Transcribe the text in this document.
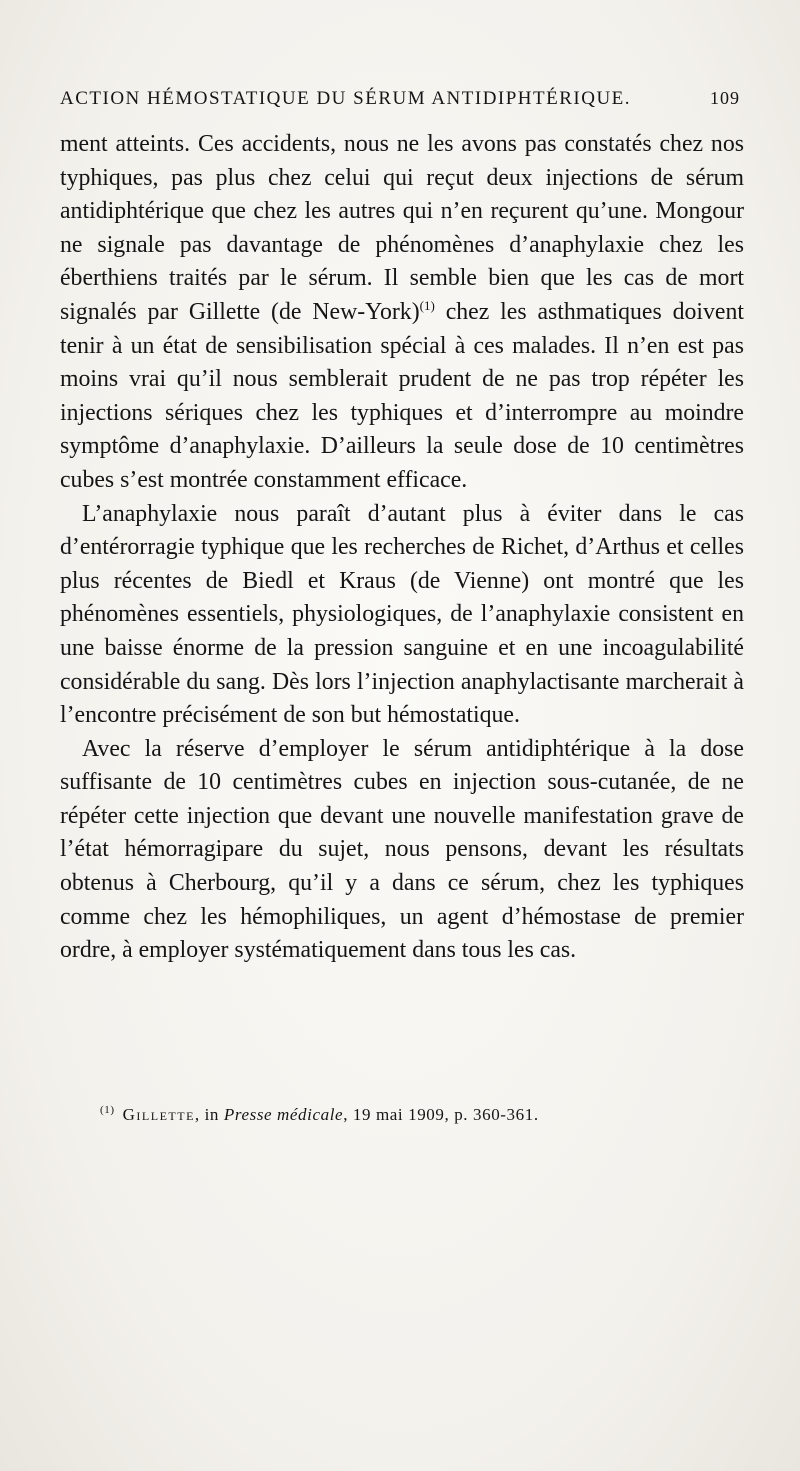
ACTION HÉMOSTATIQUE DU SÉRUM ANTIDIPHTÉRIQUE.	109

ment atteints. Ces accidents, nous ne les avons pas constatés chez nos typhiques, pas plus chez celui qui reçut deux injections de sérum antidiphtérique que chez les autres qui n’en reçurent qu’une. Mongour ne signale pas davantage de phénomènes d’anaphylaxie chez les éberthiens traités par le sérum. Il semble bien que les cas de mort signalés par Gillette (de New-York)$^{(1)}$ chez les asthmatiques doivent tenir à un état de sensibilisation spécial à ces malades. Il n’en est pas moins vrai qu’il nous semblerait prudent de ne pas trop répéter les injections sériques chez les typhiques et d’interrompre au moindre symptôme d’anaphylaxie. D’ailleurs la seule dose de 10 centimètres cubes s’est montrée constamment efficace.

L’anaphylaxie nous paraît d’autant plus à éviter dans le cas d’entérorragie typhique que les recherches de Richet, d’Arthus et celles plus récentes de Biedl et Kraus (de Vienne) ont montré que les phénomènes essentiels, physiologiques, de l’anaphylaxie consistent en une baisse énorme de la pression sanguine et en une incoagulabilité considérable du sang. Dès lors l’injection anaphylactisante marcherait à l’encontre précisément de son but hémostatique.

Avec la réserve d’employer le sérum antidiphtérique à la dose suffisante de 10 centimètres cubes en injection sous-cutanée, de ne répéter cette injection que devant une nouvelle manifestation grave de l’état hémorragipare du sujet, nous pensons, devant les résultats obtenus à Cherbourg, qu’il y a dans ce sérum, chez les typhiques comme chez les hémophiliques, un agent d’hémostase de premier ordre, à employer systématiquement dans tous les cas.

$^{(1)}$ Gillette, in Presse médicale, 19 mai 1909, p. 360-361.
